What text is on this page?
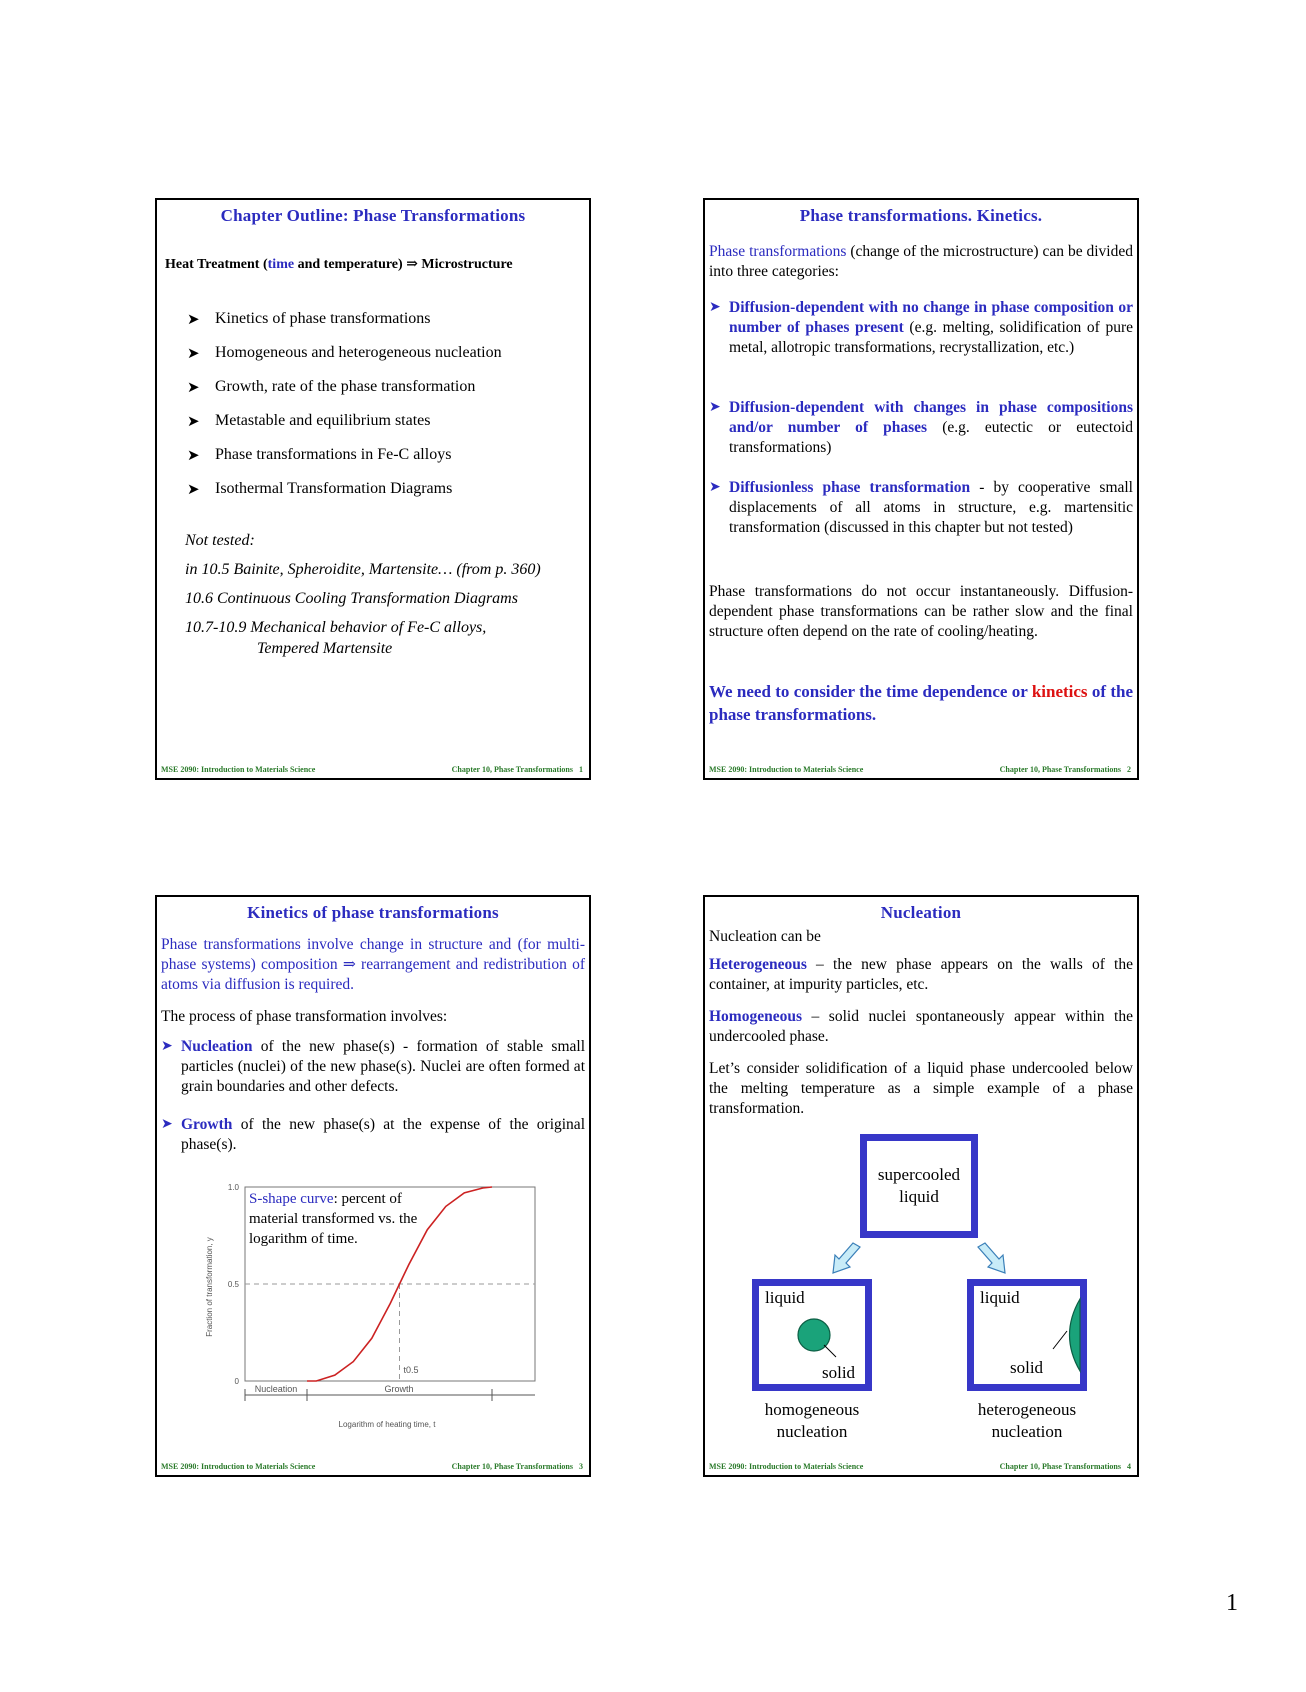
Chapter Outline: Phase Transformations
Heat Treatment (time and temperature) ⇒ Microstructure
➤ Kinetics of phase transformations
➤ Homogeneous and heterogeneous nucleation
➤ Growth, rate of the phase transformation
➤ Metastable and equilibrium states
➤ Phase transformations in Fe-C alloys
➤ Isothermal Transformation Diagrams
Not tested:
in 10.5 Bainite, Spheroidite, Martensite… (from p. 360)
10.6 Continuous Cooling Transformation Diagrams
10.7-10.9 Mechanical behavior of Fe-C alloys,
Tempered Martensite
MSE 2090: Introduction to Materials Science	Chapter 10, Phase Transformations 1
Phase transformations. Kinetics.
Phase transformations (change of the microstructure) can be divided into three categories:
➤ Diffusion-dependent with no change in phase composition or number of phases present (e.g. melting, solidification of pure metal, allotropic transformations, recrystallization, etc.)
➤ Diffusion-dependent with changes in phase compositions and/or number of phases (e.g. eutectic or eutectoid transformations)
➤ Diffusionless phase transformation - by cooperative small displacements of all atoms in structure, e.g. martensitic transformation (discussed in this chapter but not tested)
Phase transformations do not occur instantaneously. Diffusion-dependent phase transformations can be rather slow and the final structure often depend on the rate of cooling/heating.
We need to consider the time dependence or kinetics of the phase transformations.
MSE 2090: Introduction to Materials Science	Chapter 10, Phase Transformations 2
Kinetics of phase transformations
Phase transformations involve change in structure and (for multi-phase systems) composition ⇒ rearrangement and redistribution of atoms via diffusion is required.
The process of phase transformation involves:
➤ Nucleation of the new phase(s) - formation of stable small particles (nuclei) of the new phase(s). Nuclei are often formed at grain boundaries and other defects.
➤ Growth of the new phase(s) at the expense of the original phase(s).
1.0
0.5
0
Fraction of transformation, y
t0.5
Nucleation	Growth
Logarithm of heating time, t
S-shape curve: percent of material transformed vs. the logarithm of time.
MSE 2090: Introduction to Materials Science	Chapter 10, Phase Transformations 3
Nucleation
Nucleation can be
Heterogeneous – the new phase appears on the walls of the container, at impurity particles, etc.
Homogeneous – solid nuclei spontaneously appear within the undercooled phase.
Let’s consider solidification of a liquid phase undercooled below the melting temperature as a simple example of a phase transformation.
supercooled
liquid
liquid
solid
liquid
solid
homogeneous
nucleation
heterogeneous
nucleation
MSE 2090: Introduction to Materials Science	Chapter 10, Phase Transformations 4
1
